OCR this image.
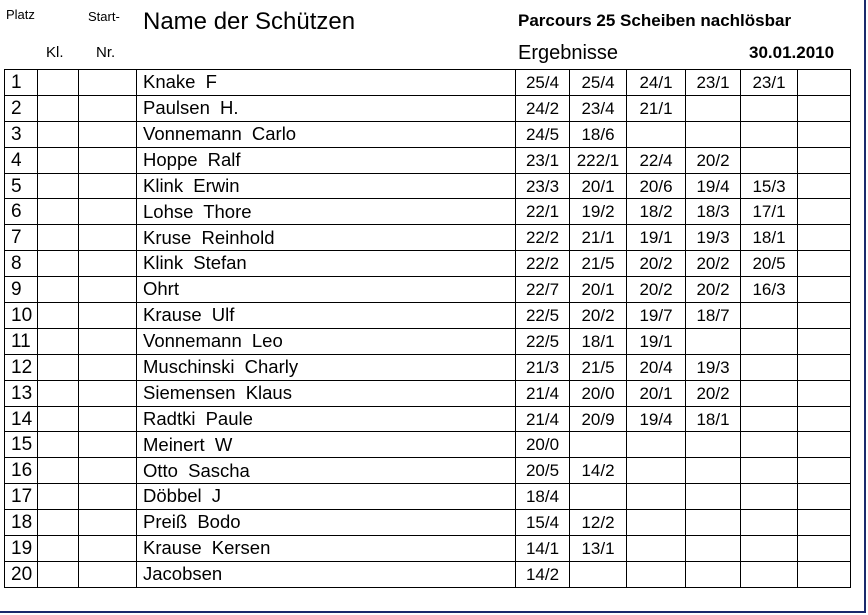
Platz	Start-
Kl. Nr.
Name der Schützen	Parcours 25 Scheiben nachlösbar
Ergebnisse	30.01.2010
1			Knake F	25/4	25/4	24/1	23/1	23/1	
2			Paulsen H.	24/2	23/4	21/1			
3			Vonnemann Carlo	24/5	18/6				
4			Hoppe Ralf	23/1	222/1	22/4	20/2		
5			Klink Erwin	23/3	20/1	20/6	19/4	15/3	
6			Lohse Thore	22/1	19/2	18/2	18/3	17/1	
7			Kruse Reinhold	22/2	21/1	19/1	19/3	18/1	
8			Klink Stefan	22/2	21/5	20/2	20/2	20/5	
9			Ohrt	22/7	20/1	20/2	20/2	16/3	
10			Krause Ulf	22/5	20/2	19/7	18/7		
11			Vonnemann Leo	22/5	18/1	19/1			
12			Muschinski Charly	21/3	21/5	20/4	19/3		
13			Siemensen Klaus	21/4	20/0	20/1	20/2		
14			Radtki Paule	21/4	20/9	19/4	18/1		
15			Meinert W	20/0					
16			Otto Sascha	20/5	14/2				
17			Döbbel J	18/4					
18			Preiß Bodo	15/4	12/2				
19			Krause Kersen	14/1	13/1				
20			Jacobsen	14/2					
